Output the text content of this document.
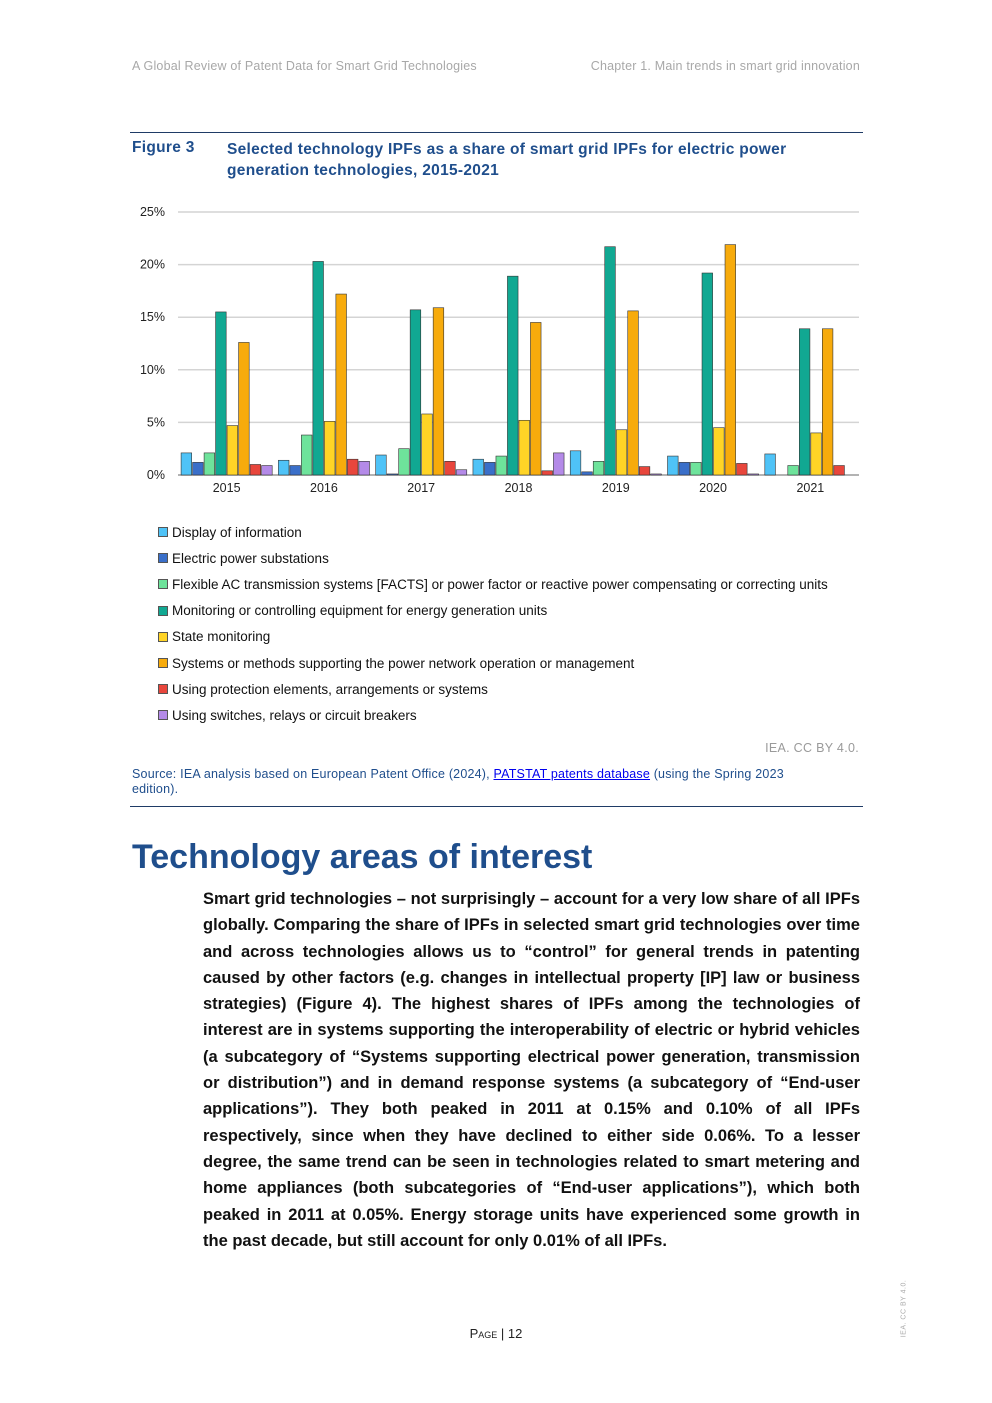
A Global Review of Patent Data for Smart Grid Technologies	Chapter 1. Main trends in smart grid innovation
Figure 3 Selected technology IPFs as a share of smart grid IPFs for electric power generation technologies, 2015-2021
0%
5%
10%
15%
20%
25%
2015	2016	2017	2018	2019	2020	2021
Display of information
Electric power substations
Flexible AC transmission systems [FACTS] or power factor or reactive power compensating or correcting units
Monitoring or controlling equipment for energy generation units
State monitoring
Systems or methods supporting the power network operation or management
Using protection elements, arrangements or systems
Using switches, relays or circuit breakers
IEA. CC BY 4.0.
Source: IEA analysis based on European Patent Office (2024), PATSTAT patents database (using the Spring 2023 edition).
Technology areas of interest

Smart grid technologies – not surprisingly – account for a very low share of all IPFs globally. Comparing the share of IPFs in selected smart grid technologies over time and across technologies allows us to “control” for general trends in patenting caused by other factors (e.g. changes in intellectual property [IP] law or business strategies) (Figure 4). The highest shares of IPFs among the technologies of interest are in systems supporting the interoperability of electric or hybrid vehicles (a subcategory of “Systems supporting electrical power generation, transmission or distribution”) and in demand response systems (a subcategory of “End-user applications”). They both peaked in 2011 at 0.15% and 0.10% of all IPFs respectively, since when they have declined to either side 0.06%. To a lesser degree, the same trend can be seen in technologies related to smart metering and home appliances (both subcategories of “End-user applications”), which both peaked in 2011 at 0.05%. Energy storage units have experienced some growth in the past decade, but still account for only 0.01% of all IPFs.

Page | 12	IEA. CC BY 4.0.
